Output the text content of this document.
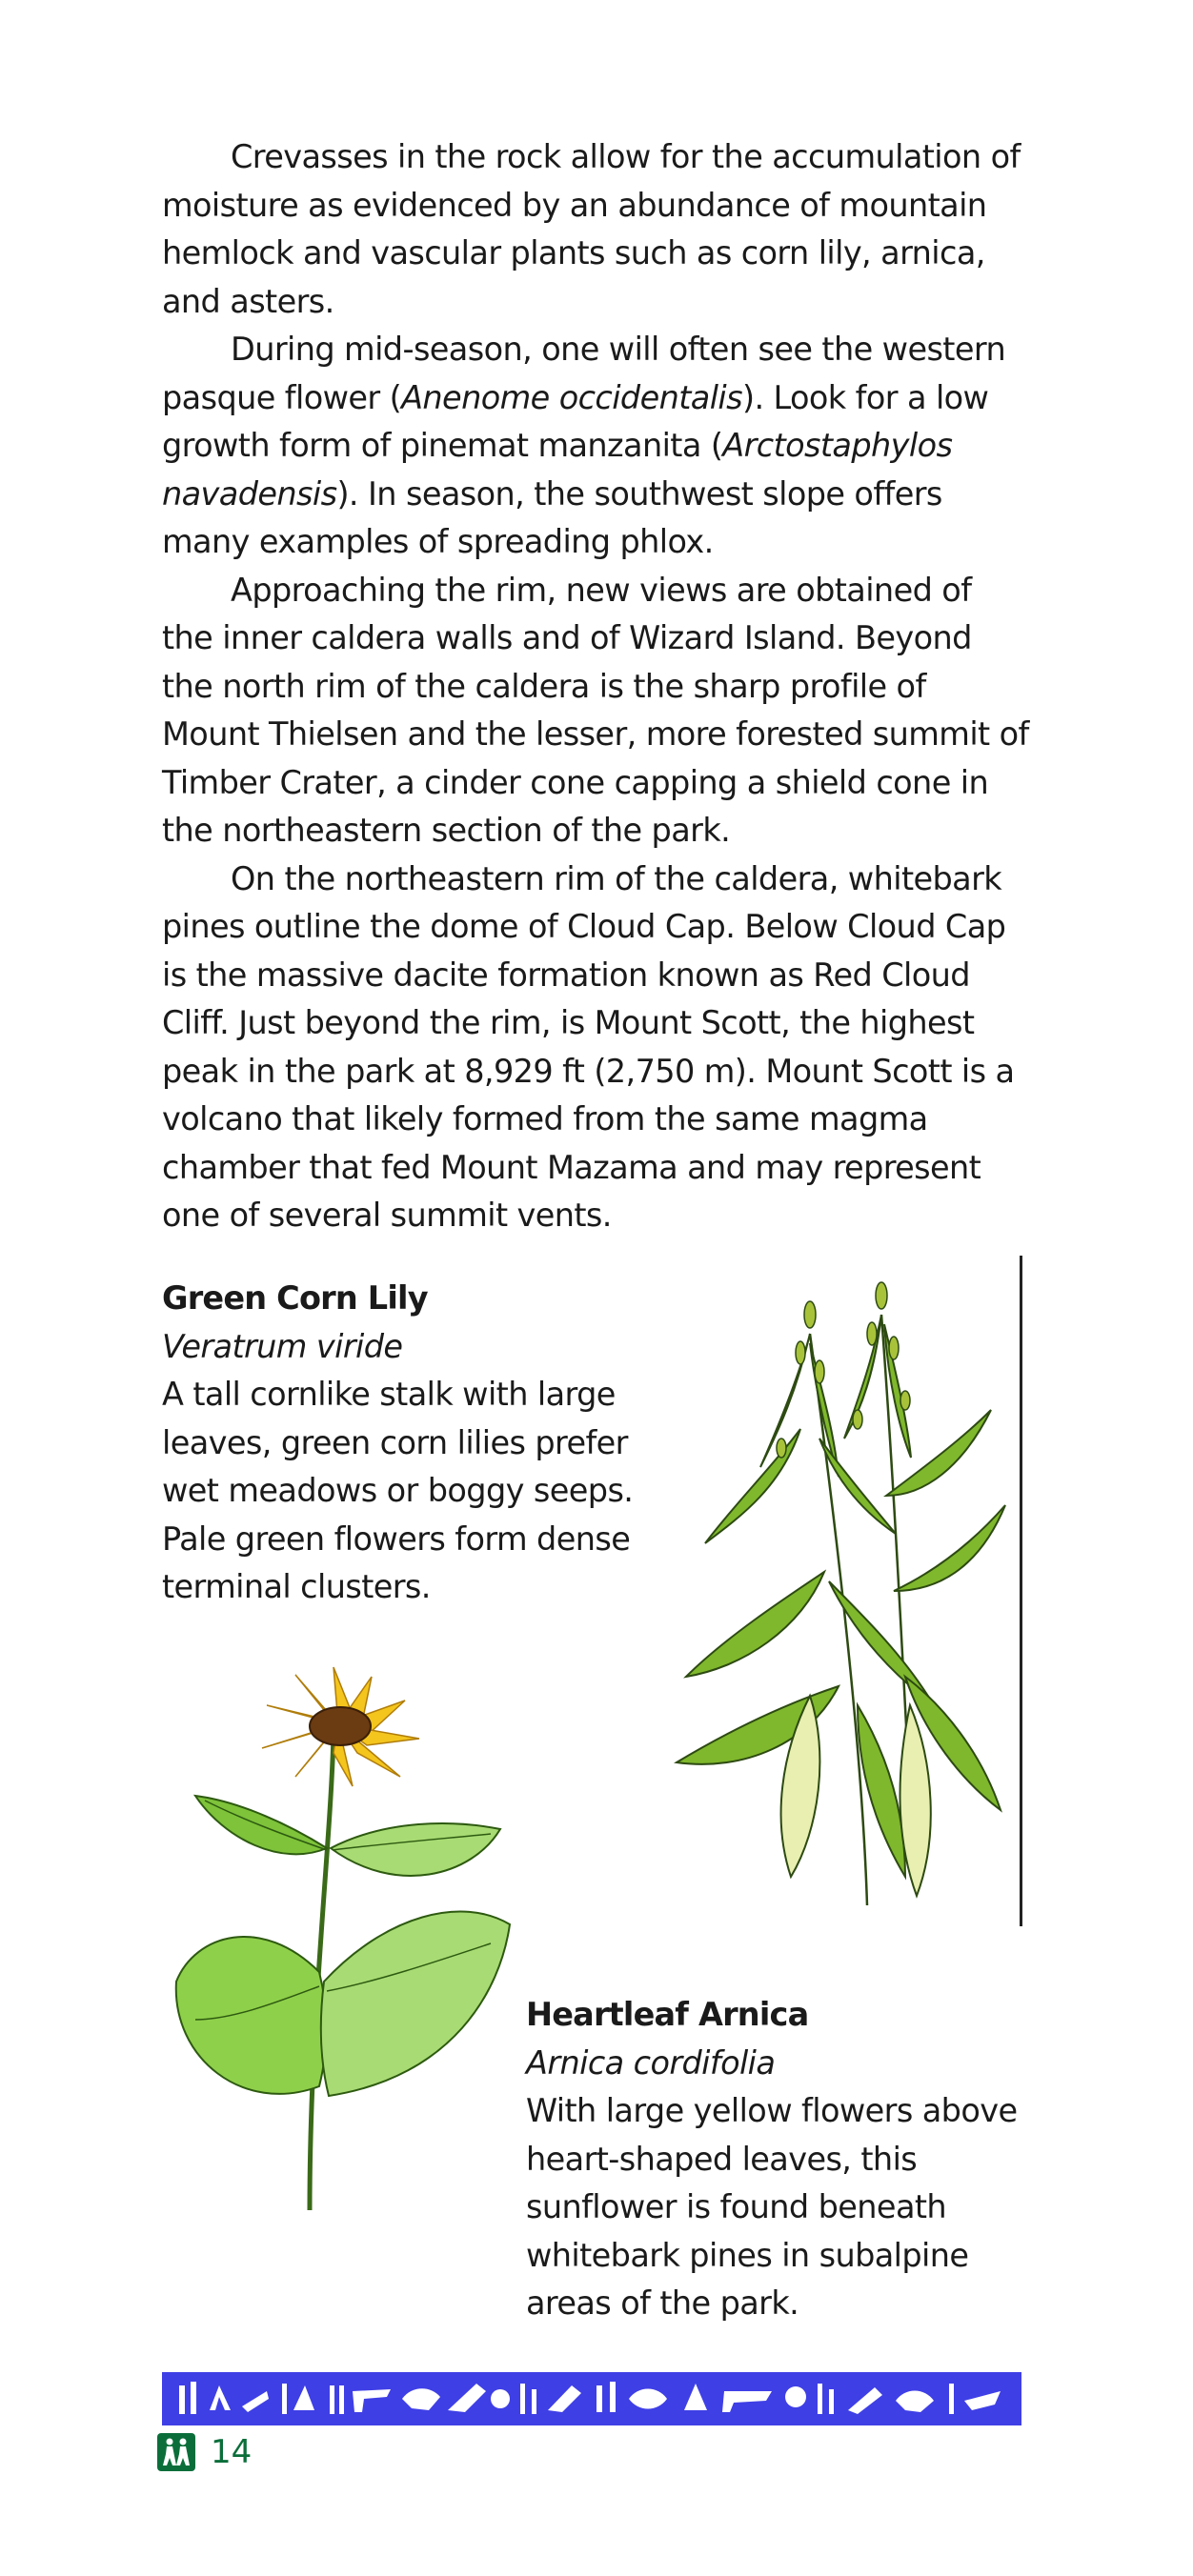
Crevasses in the rock allow for the accumulation of moisture as evidenced by an abundance of mountain hemlock and vascular plants such as corn lily, arnica, and asters.

During mid-season, one will often see the western pasque flower (Anenome occidentalis). Look for a low growth form of pinemat manzanita (Arctostaphylos navadensis). In season, the southwest slope offers many examples of spreading phlox.

Approaching the rim, new views are obtained of the inner caldera walls and of Wizard Island. Beyond the north rim of the caldera is the sharp profile of Mount Thielsen and the lesser, more forested summit of Timber Crater, a cinder cone capping a shield cone in the northeastern section of the park.

On the northeastern rim of the caldera, whitebark pines outline the dome of Cloud Cap. Below Cloud Cap is the massive dacite formation known as Red Cloud Cliff. Just beyond the rim, is Mount Scott, the highest peak in the park at 8,929 ft (2,750 m). Mount Scott is a volcano that likely formed from the same magma chamber that fed Mount Mazama and may represent one of several summit vents.

Green Corn Lily
Veratrum viride
A tall cornlike stalk with large leaves, green corn lilies prefer wet meadows or boggy seeps. Pale green flowers form dense terminal clusters.
Heartleaf Arnica
Arnica cordifolia
With large yellow flowers above heart-shaped leaves, this sunflower is found beneath whitebark pines in subalpine areas of the park.
14
